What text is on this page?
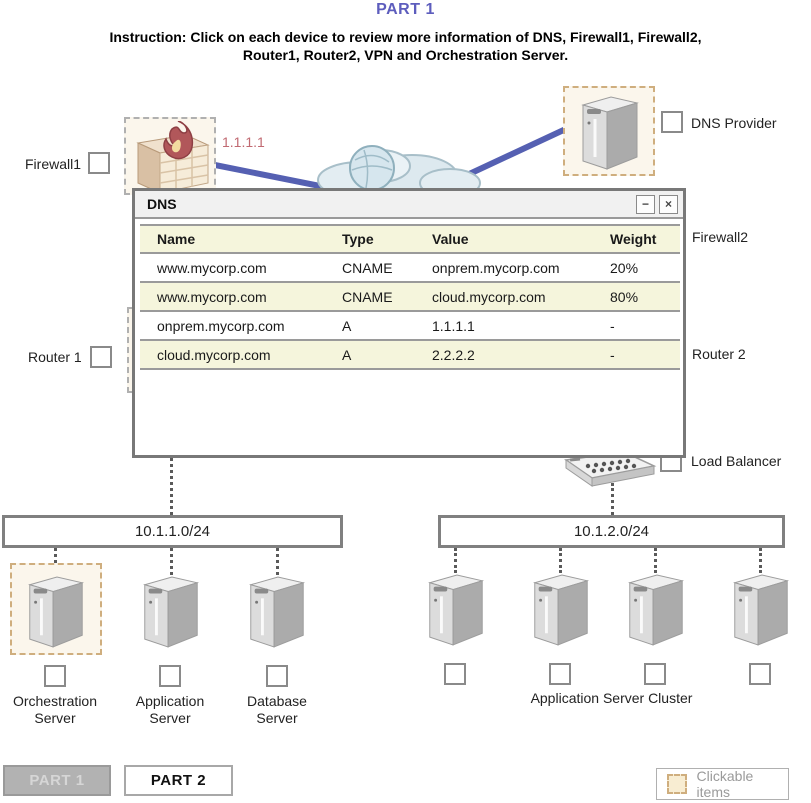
PART 1
Instruction: Click on each device to review more information of DNS, Firewall1, Firewall2,
Router1, Router2, VPN and Orchestration Server.
Firewall1
1.1.1.1
DNS Provider
Firewall2
Router 2
Router 1
DNS	−	×
Name	Type	Value	Weight
www.mycorp.com	CNAME	onprem.mycorp.com	20%
www.mycorp.com	CNAME	cloud.mycorp.com	80%
onprem.mycorp.com	A	1.1.1.1	-
cloud.mycorp.com	A	2.2.2.2	-
Load Balancer
10.1.1.0/24	10.1.2.0/24
Orchestration Server
Application Server
Database Server
Application Server Cluster
PART 1	PART 2	Clickable items
